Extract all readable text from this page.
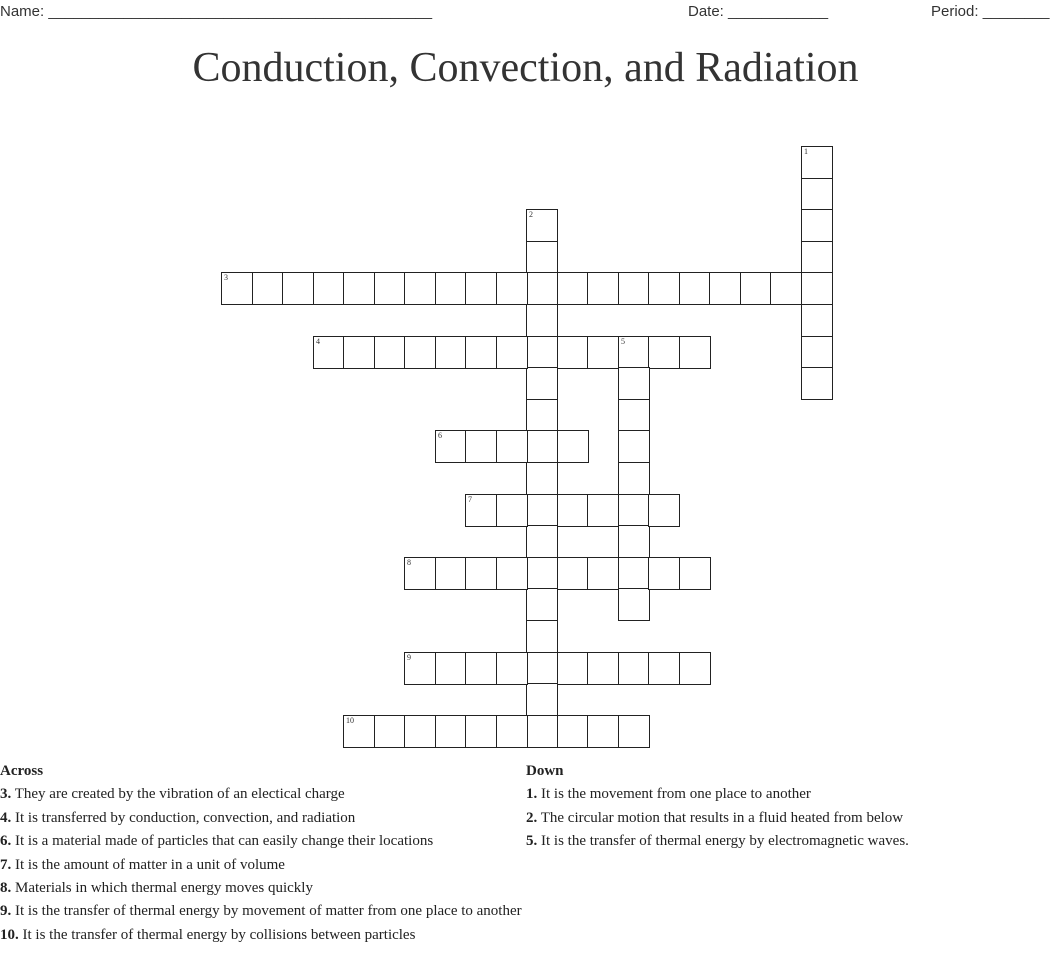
Name: ______________________________________________	Date: ____________	Period: ________
Conduction, Convection, and Radiation
1
2
3
4	5
6
7
8
9
10
Across
3. They are created by the vibration of an electical charge
4. It is transferred by conduction, convection, and radiation
6. It is a material made of particles that can easily change their locations
7. It is the amount of matter in a unit of volume
8. Materials in which thermal energy moves quickly
9. It is the transfer of thermal energy by movement of matter from one place to another
10. It is the transfer of thermal energy by collisions between particles
Down
1. It is the movement from one place to another
2. The circular motion that results in a fluid heated from below
5. It is the transfer of thermal energy by electromagnetic waves.
